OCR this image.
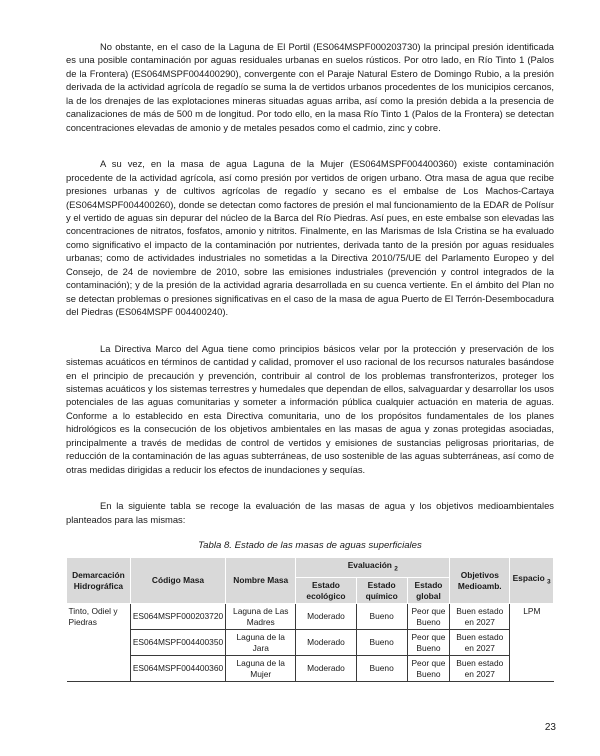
No obstante, en el caso de la Laguna de El Portil (ES064MSPF000203730) la principal presión identificada es una posible contaminación por aguas residuales urbanas en suelos rústicos. Por otro lado, en Río Tinto 1 (Palos de la Frontera) (ES064MSPF004400290), convergente con el Paraje Natural Estero de Domingo Rubio, a la presión derivada de la actividad agrícola de regadío se suma la de vertidos urbanos procedentes de los municipios cercanos, la de los drenajes de las explotaciones mineras situadas aguas arriba, así como la presión debida a la presencia de canalizaciones de más de 500 m de longitud. Por todo ello, en la masa Río Tinto 1 (Palos de la Frontera) se detectan concentraciones elevadas de amonio y de metales pesados como el cadmio, zinc y cobre.

A su vez, en la masa de agua Laguna de la Mujer (ES064MSPF004400360) existe contaminación procedente de la actividad agrícola, así como presión por vertidos de origen urbano. Otra masa de agua que recibe presiones urbanas y de cultivos agrícolas de regadío y secano es el embalse de Los Machos-Cartaya (ES064MSPF004400260), donde se detectan como factores de presión el mal funcionamiento de la EDAR de Polísur y el vertido de aguas sin depurar del núcleo de la Barca del Río Piedras. Así pues, en este embalse son elevadas las concentraciones de nitratos, fosfatos, amonio y nitritos. Finalmente, en las Marismas de Isla Cristina se ha evaluado como significativo el impacto de la contaminación por nutrientes, derivada tanto de la presión por aguas residuales urbanas; como de actividades industriales no sometidas a la Directiva 2010/75/UE del Parlamento Europeo y del Consejo, de 24 de noviembre de 2010, sobre las emisiones industriales (prevención y control integrados de la contaminación); y de la presión de la actividad agraria desarrollada en su cuenca vertiente. En el ámbito del Plan no se detectan problemas o presiones significativas en el caso de la masa de agua Puerto de El Terrón-Desembocadura del Piedras (ES064MSPF 004400240).

La Directiva Marco del Agua tiene como principios básicos velar por la protección y preservación de los sistemas acuáticos en términos de cantidad y calidad, promover el uso racional de los recursos naturales basándose en el principio de precaución y prevención, contribuir al control de los problemas transfronterizos, proteger los sistemas acuáticos y los sistemas terrestres y humedales que dependan de ellos, salvaguardar y desarrollar los usos potenciales de las aguas comunitarias y someter a información pública cualquier actuación en materia de aguas. Conforme a lo establecido en esta Directiva comunitaria, uno de los propósitos fundamentales de los planes hidrológicos es la consecución de los objetivos ambientales en las masas de agua y zonas protegidas asociadas, principalmente a través de medidas de control de vertidos y emisiones de sustancias peligrosas prioritarias, de reducción de la contaminación de las aguas subterráneas, de uso sostenible de las aguas subterráneas, así como de otras medidas dirigidas a reducir los efectos de inundaciones y sequías.

En la siguiente tabla se recoge la evaluación de las masas de agua y los objetivos medioambientales planteados para las mismas:

Tabla 8. Estado de las masas de aguas superficiales
Demarcación Hidrográfica	Código Masa	Nombre Masa	Evaluación $_2$			Objetivos Medioamb.	Espacio $_3$
			Estado ecológico	Estado químico	Estado global		
Tinto, Odiel y Piedras	ES064MSPF000203720	Laguna de Las Madres	Moderado	Bueno	Peor que Bueno	Buen estado en 2027	LPM
	ES064MSPF004400350	Laguna de la Jara	Moderado	Bueno	Peor que Bueno	Buen estado en 2027	
	ES064MSPF004400360	Laguna de la Mujer	Moderado	Bueno	Peor que Bueno	Buen estado en 2027	
23
